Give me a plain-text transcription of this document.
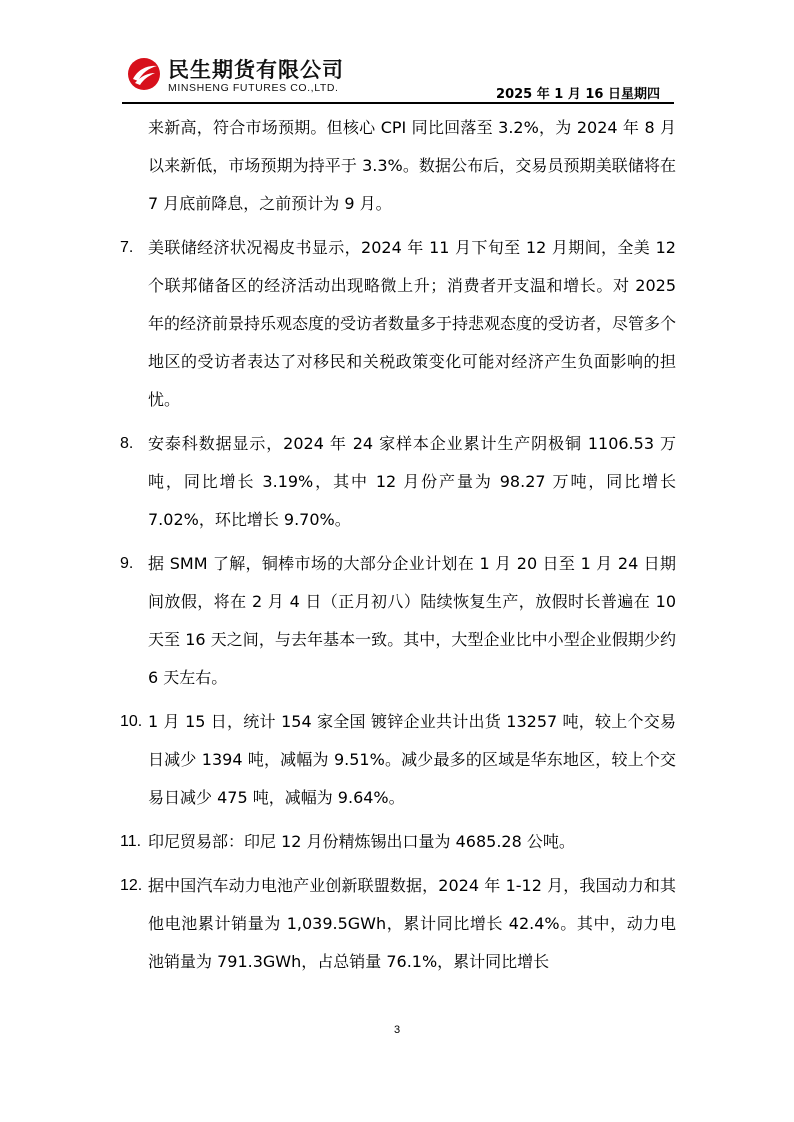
民生期货有限公司
MINSHENG FUTURES CO.,LTD.	2025 年 1 月 16 日星期四

来新高，符合市场预期。但核心 CPI 同比回落至 3.2%，为 2024 年 8 月以来新低，市场预期为持平于 3.3%。数据公布后，交易员预期美联储将在 7 月底前降息，之前预计为 9 月。

7. 美联储经济状况褐皮书显示，2024 年 11 月下旬至 12 月期间，全美 12 个联邦储备区的经济活动出现略微上升；消费者开支温和增长。对 2025 年的经济前景持乐观态度的受访者数量多于持悲观态度的受访者，尽管多个地区的受访者表达了对移民和关税政策变化可能对经济产生负面影响的担忧。

8. 安泰科数据显示，2024 年 24 家样本企业累计生产阴极铜 1106.53 万吨，同比增长 3.19%，其中 12 月份产量为 98.27 万吨，同比增长 7.02%，环比增长 9.70%。

9. 据 SMM 了解，铜棒市场的大部分企业计划在 1 月 20 日至 1 月 24 日期间放假，将在 2 月 4 日（正月初八）陆续恢复生产，放假时长普遍在 10 天至 16 天之间，与去年基本一致。其中，大型企业比中小型企业假期少约 6 天左右。

10. 1 月 15 日，统计 154 家全国 镀锌企业共计出货 13257 吨，较上个交易日减少 1394 吨，减幅为 9.51%。减少最多的区域是华东地区，较上个交易日减少 475 吨，减幅为 9.64%。

11. 印尼贸易部：印尼 12 月份精炼锡出口量为 4685.28 公吨。

12. 据中国汽车动力电池产业创新联盟数据，2024 年 1-12 月，我国动力和其他电池累计销量为 1,039.5GWh，累计同比增长 42.4%。其中，动力电池销量为 791.3GWh，占总销量 76.1%，累计同比增长

3
